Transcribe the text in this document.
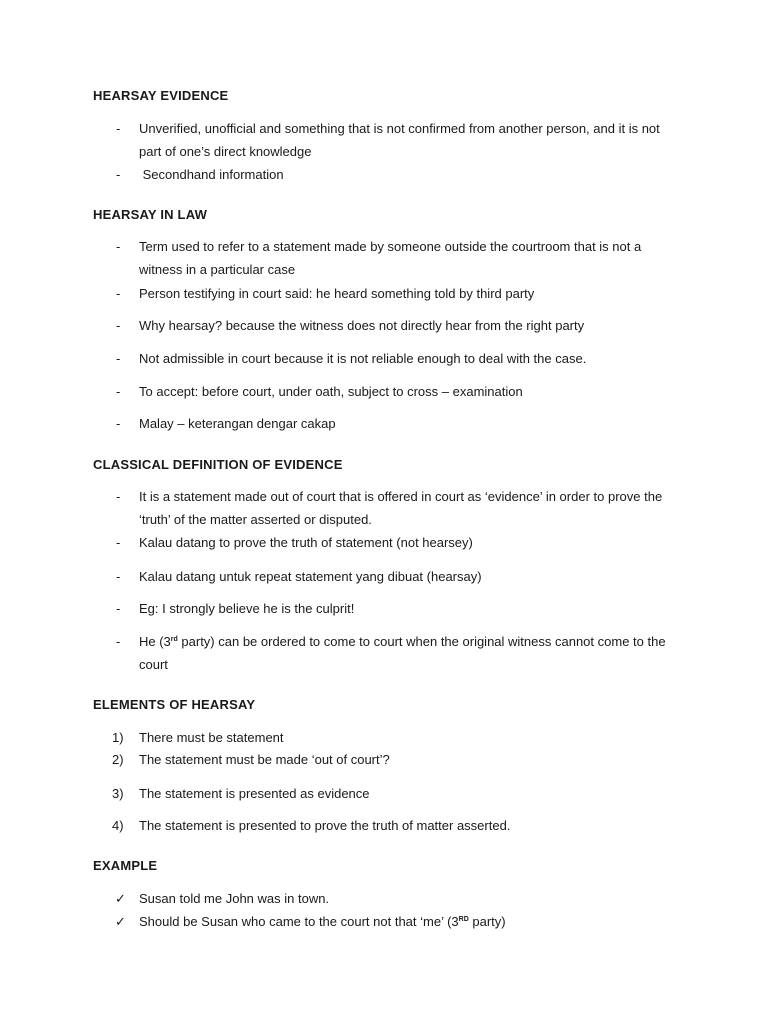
HEARSAY EVIDENCE
- Unverified, unofficial and something that is not confirmed from another person, and it is not part of one’s direct knowledge
- Secondhand information
HEARSAY IN LAW
- Term used to refer to a statement made by someone outside the courtroom that is not a witness in a particular case
- Person testifying in court said: he heard something told by third party
- Why hearsay? because the witness does not directly hear from the right party
- Not admissible in court because it is not reliable enough to deal with the case.
- To accept: before court, under oath, subject to cross – examination
- Malay – keterangan dengar cakap
CLASSICAL DEFINITION OF EVIDENCE
- It is a statement made out of court that is offered in court as ‘evidence’ in order to prove the ‘truth’ of the matter asserted or disputed.
- Kalau datang to prove the truth of statement (not hearsey)
- Kalau datang untuk repeat statement yang dibuat (hearsay)
- Eg: I strongly believe he is the culprit!
- He (3rd party) can be ordered to come to court when the original witness cannot come to the court
ELEMENTS OF HEARSAY
1) There must be statement
2) The statement must be made ‘out of court’?
3) The statement is presented as evidence
4) The statement is presented to prove the truth of matter asserted.
EXAMPLE
✓ Susan told me John was in town.
✓ Should be Susan who came to the court not that ‘me’ (3RD party)
